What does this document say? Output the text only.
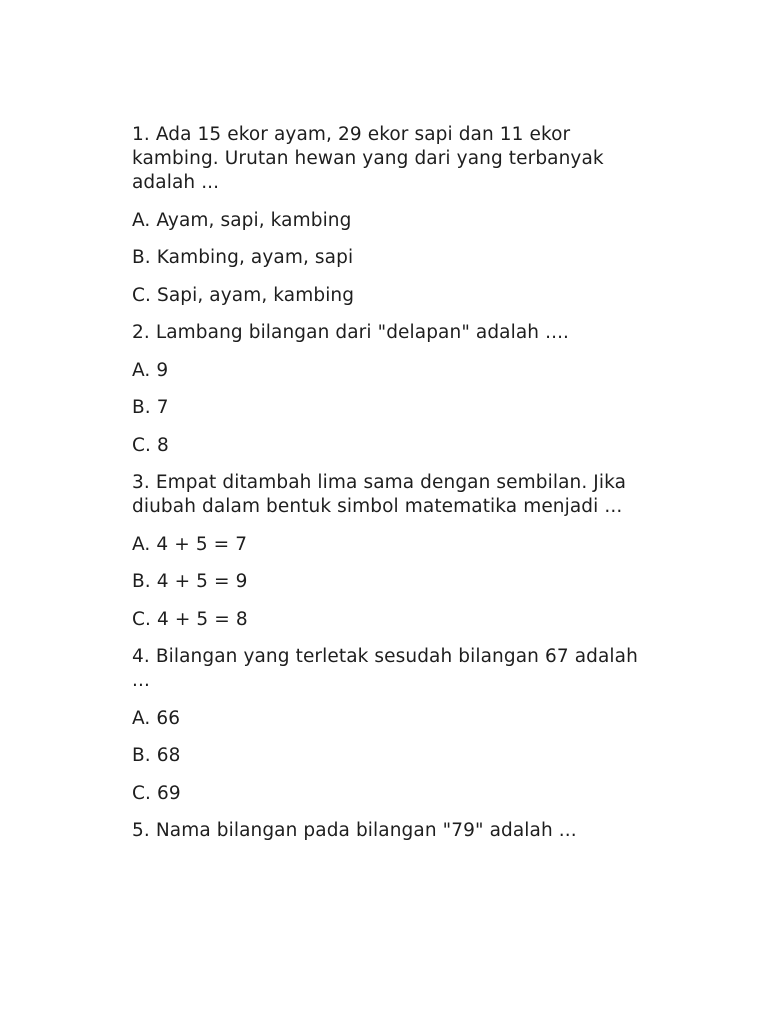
1. Ada 15 ekor ayam, 29 ekor sapi dan 11 ekor kambing. Urutan hewan yang dari yang terbanyak adalah ...

A. Ayam, sapi, kambing

B. Kambing, ayam, sapi

C. Sapi, ayam, kambing

2. Lambang bilangan dari "delapan" adalah ....

A. 9

B. 7

C. 8

3. Empat ditambah lima sama dengan sembilan. Jika diubah dalam bentuk simbol matematika menjadi ...

A. 4 + 5 = 7

B. 4 + 5 = 9

C. 4 + 5 = 8

4. Bilangan yang terletak sesudah bilangan 67 adalah ...

A. 66

B. 68

C. 69

5. Nama bilangan pada bilangan "79" adalah ...
